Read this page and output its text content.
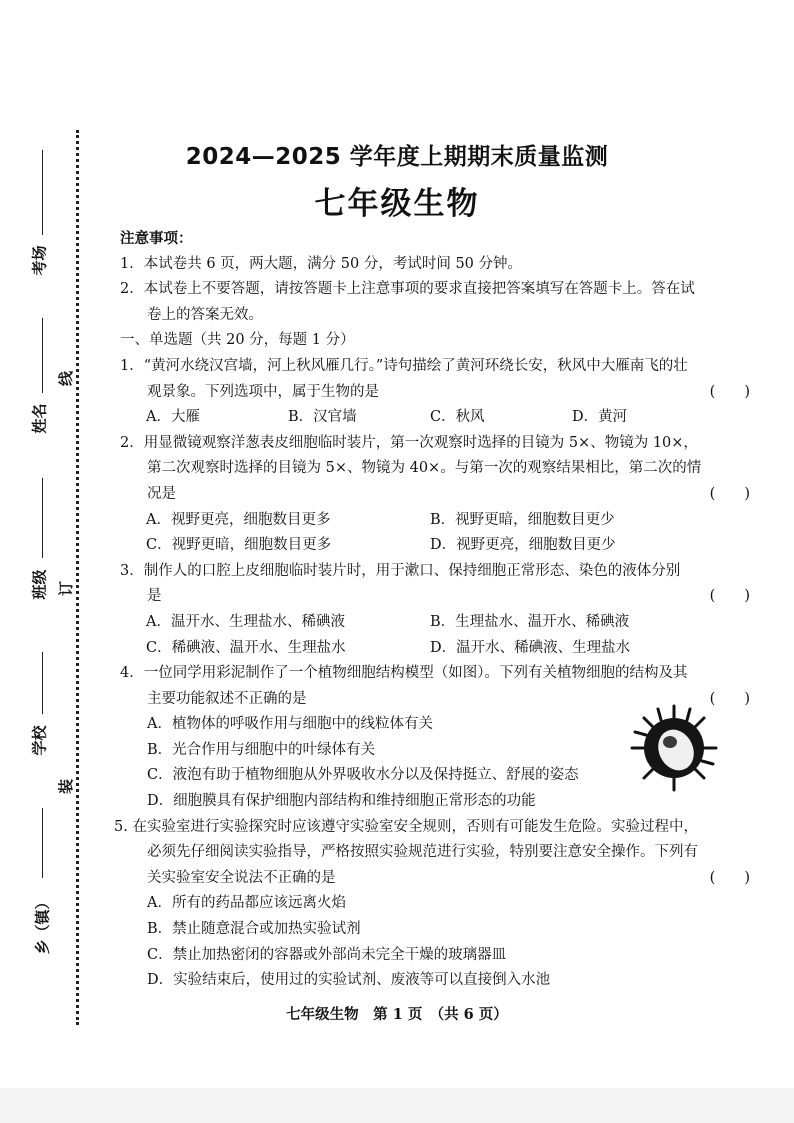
考场
姓名
班级
学校
乡（镇）
线
订
装
2024—2025 学年度上期期末质量监测
七年级生物
注意事项：
1．本试卷共 6 页，两大题，满分 50 分，考试时间 50 分钟。
2．本试卷上不要答题，请按答题卡上注意事项的要求直接把答案填写在答题卡上。答在试
卷上的答案无效。
一、单选题（共 20 分，每题 1 分）
1．“黄河水绕汉宫墙，河上秋风雁几行。”诗句描绘了黄河环绕长安，秋风中大雁南飞的壮
观景象。下列选项中，属于生物的是	(　　)
A．大雁	B．汉官墙	C．秋风	D．黄河
2．用显微镜观察洋葱表皮细胞临时装片，第一次观察时选择的目镜为 5×、物镜为 10×，
第二次观察时选择的目镜为 5×、物镜为 40×。与第一次的观察结果相比，第二次的情
况是	(　　)
A．视野更亮，细胞数目更多	B．视野更暗，细胞数目更少
C．视野更暗，细胞数目更多	D．视野更亮，细胞数目更少
3．制作人的口腔上皮细胞临时装片时，用于漱口、保持细胞正常形态、染色的液体分别
是	(　　)
A．温开水、生理盐水、稀碘液	B．生理盐水、温开水、稀碘液
C．稀碘液、温开水、生理盐水	D．温开水、稀碘液、生理盐水
4．一位同学用彩泥制作了一个植物细胞结构模型（如图）。下列有关植物细胞的结构及其
主要功能叙述不正确的是	(　　)
A．植物体的呼吸作用与细胞中的线粒体有关
B．光合作用与细胞中的叶绿体有关
C．液泡有助于植物细胞从外界吸收水分以及保持挺立、舒展的姿态
D．细胞膜具有保护细胞内部结构和维持细胞正常形态的功能
5. 在实验室进行实验探究时应该遵守实验室安全规则，否则有可能发生危险。实验过程中，
必须先仔细阅读实验指导，严格按照实验规范进行实验，特别要注意安全操作。下列有
关实验室安全说法不正确的是	(　　)
A．所有的药品都应该远离火焰
B．禁止随意混合或加热实验试剂
C．禁止加热密闭的容器或外部尚未完全干燥的玻璃器皿
D．实验结束后，使用过的实验试剂、废液等可以直接倒入水池
七年级生物　第 1 页　（共 6 页）
